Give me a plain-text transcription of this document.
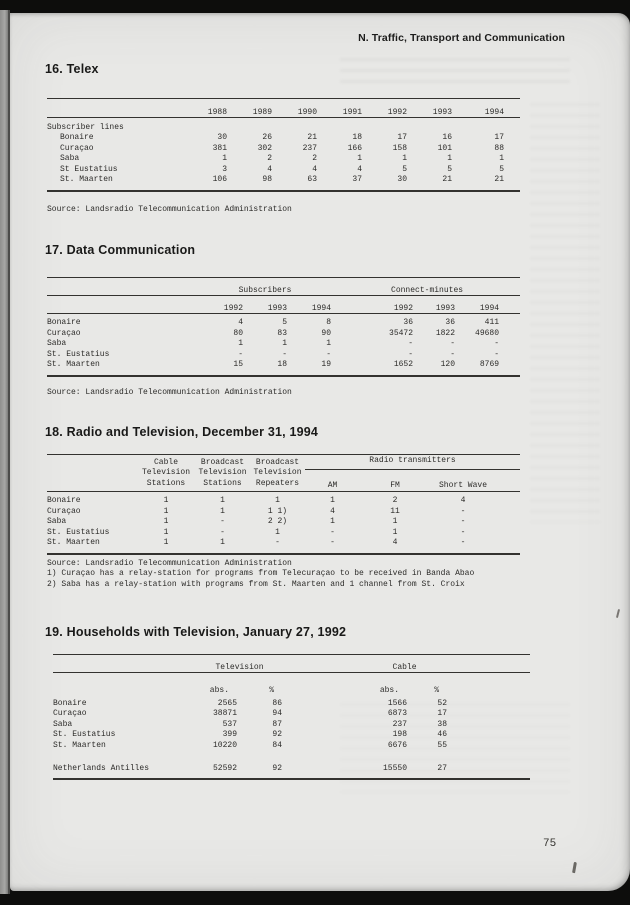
N. Traffic, Transport and Communication
16. Telex
	1988	1989	1990	1991	1992	1993	1994	
Subscriber lines								
Bonaire	30	26	21	18	17	16	17	
Curaçao	381	302	237	166	158	101	88	
Saba	1	2	2	1	1	1	1	
St Eustatius	3	4	4	4	5	5	5	
St. Maarten	106	98	63	37	30	21	21	
Source: Landsradio Telecommunication Administration
17. Data Communication
	Subscribers				Connect-minutes			
	1992	1993	1994		1992	1993	1994	
Bonaire	4	5	8		36	36	411	
Curaçao	80	83	90		35472	1822	49680	
Saba	1	1	1		-	-	-	
St. Eustatius	-	-	-		-	-	-	
St. Maarten	15	18	19		1652	120	8769	
Source: Landsradio Telecommunication Administration
18. Radio and Television, December 31, 1994

Cable
Television
Stations

Broadcast
Television
Stations

Broadcast
Television
Repeaters

Radio transmitters
AM	FM	Short Wave

Bonaire	1	1	1	1	2	4
Curaçao	1	1	1 1)	4	11	-
Saba	1	-	2 2)	1	1	-
St. Eustatius	1	-	1	-	1	-
St. Maarten	1	1	-	-	4	-
Source: Landsradio Telecommunication Administration
1) Curaçao has a relay-station for programs from Telecuraçao to be received in Banda Abao
2) Saba has a relay-station with programs from St. Maarten and 1 channel from St. Croix
19. Households with Television, January 27, 1992
	Television			Cable		
	abs.	%		abs.	%	
Bonaire	2565	86		1566	52	
Curaçao	38871	94		6873	17	
Saba	537	87		237	38	
St. Eustatius	399	92		198	46	
St. Maarten	10220	84		6676	55	
Netherlands Antilles	52592	92		15550	27	
75
